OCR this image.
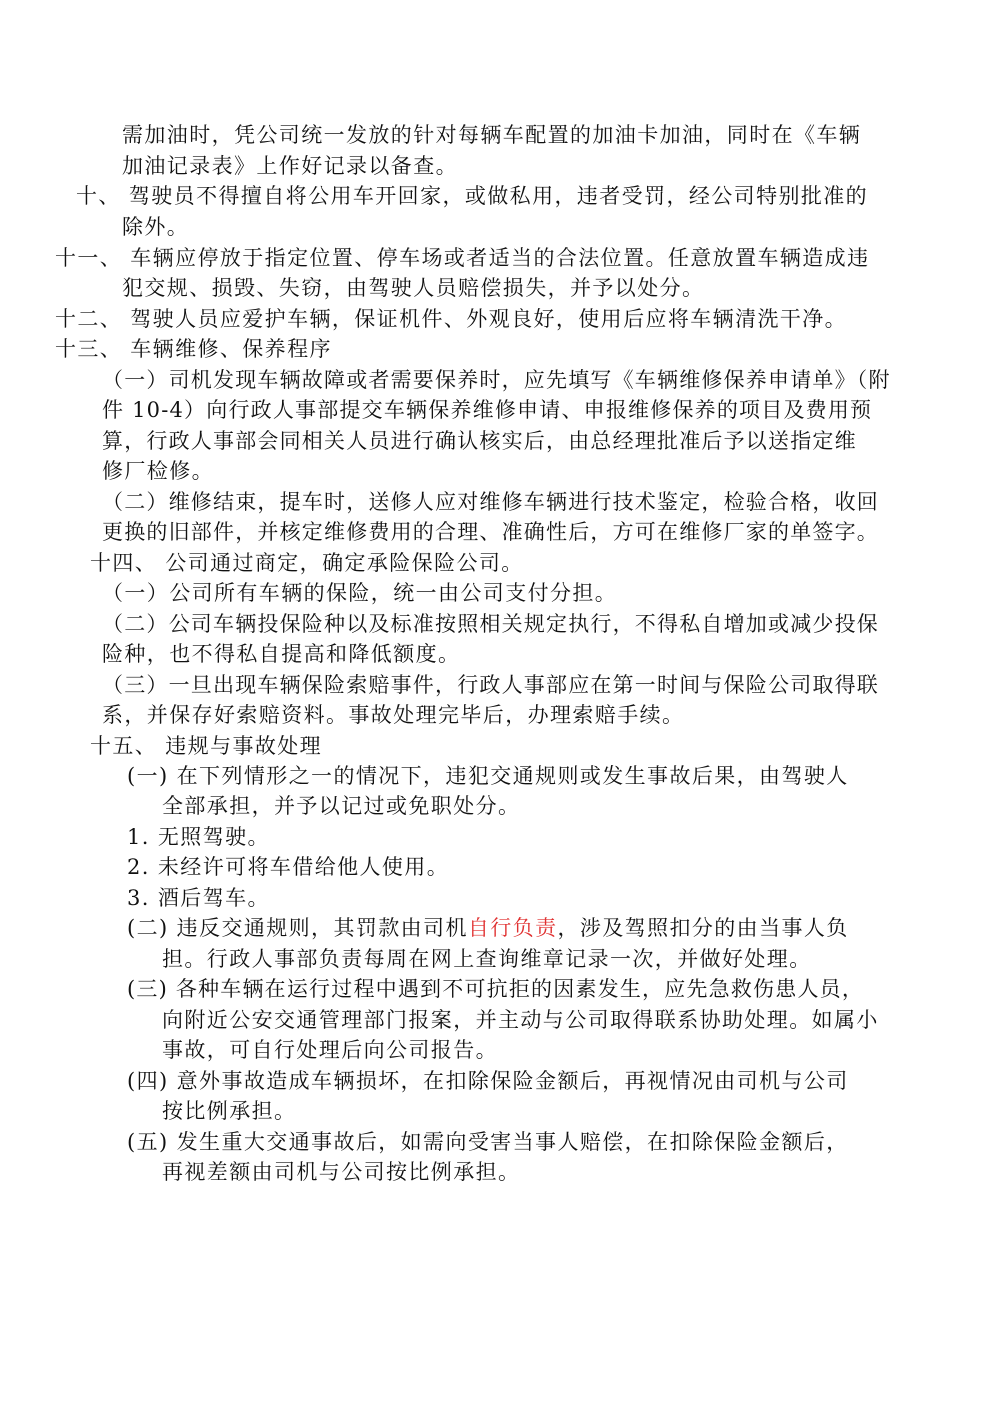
需加油时，凭公司统一发放的针对每辆车配置的加油卡加油，同时在《车辆
加油记录表》上作好记录以备查。
十、 驾驶员不得擅自将公用车开回家，或做私用，违者受罚，经公司特别批准的
除外。
十一、 车辆应停放于指定位置、停车场或者适当的合法位置。任意放置车辆造成违
犯交规、损毁、失窃，由驾驶人员赔偿损失，并予以处分。
十二、 驾驶人员应爱护车辆，保证机件、外观良好，使用后应将车辆清洗干净。
十三、 车辆维修、保养程序
（一）司机发现车辆故障或者需要保养时，应先填写《车辆维修保养申请单》（附
件 10-4）向行政人事部提交车辆保养维修申请、申报维修保养的项目及费用预
算，行政人事部会同相关人员进行确认核实后，由总经理批准后予以送指定维
修厂检修。
（二）维修结束，提车时，送修人应对维修车辆进行技术鉴定，检验合格，收回
更换的旧部件，并核定维修费用的合理、准确性后，方可在维修厂家的单签字。
十四、 公司通过商定，确定承险保险公司。
（一）公司所有车辆的保险，统一由公司支付分担。
（二）公司车辆投保险种以及标准按照相关规定执行，不得私自增加或减少投保
险种，也不得私自提高和降低额度。
（三）一旦出现车辆保险索赔事件，行政人事部应在第一时间与保险公司取得联
系，并保存好索赔资料。事故处理完毕后，办理索赔手续。
十五、 违规与事故处理
(一) 在下列情形之一的情况下，违犯交通规则或发生事故后果，由驾驶人
全部承担，并予以记过或免职处分。
1. 无照驾驶。
2. 未经许可将车借给他人使用。
3. 酒后驾车。
(二) 违反交通规则，其罚款由司机自行负责，涉及驾照扣分的由当事人负
担。行政人事部负责每周在网上查询维章记录一次，并做好处理。
(三) 各种车辆在运行过程中遇到不可抗拒的因素发生，应先急救伤患人员，
向附近公安交通管理部门报案，并主动与公司取得联系协助处理。如属小
事故，可自行处理后向公司报告。
(四) 意外事故造成车辆损坏，在扣除保险金额后，再视情况由司机与公司
按比例承担。
(五) 发生重大交通事故后，如需向受害当事人赔偿，在扣除保险金额后，
再视差额由司机与公司按比例承担。
